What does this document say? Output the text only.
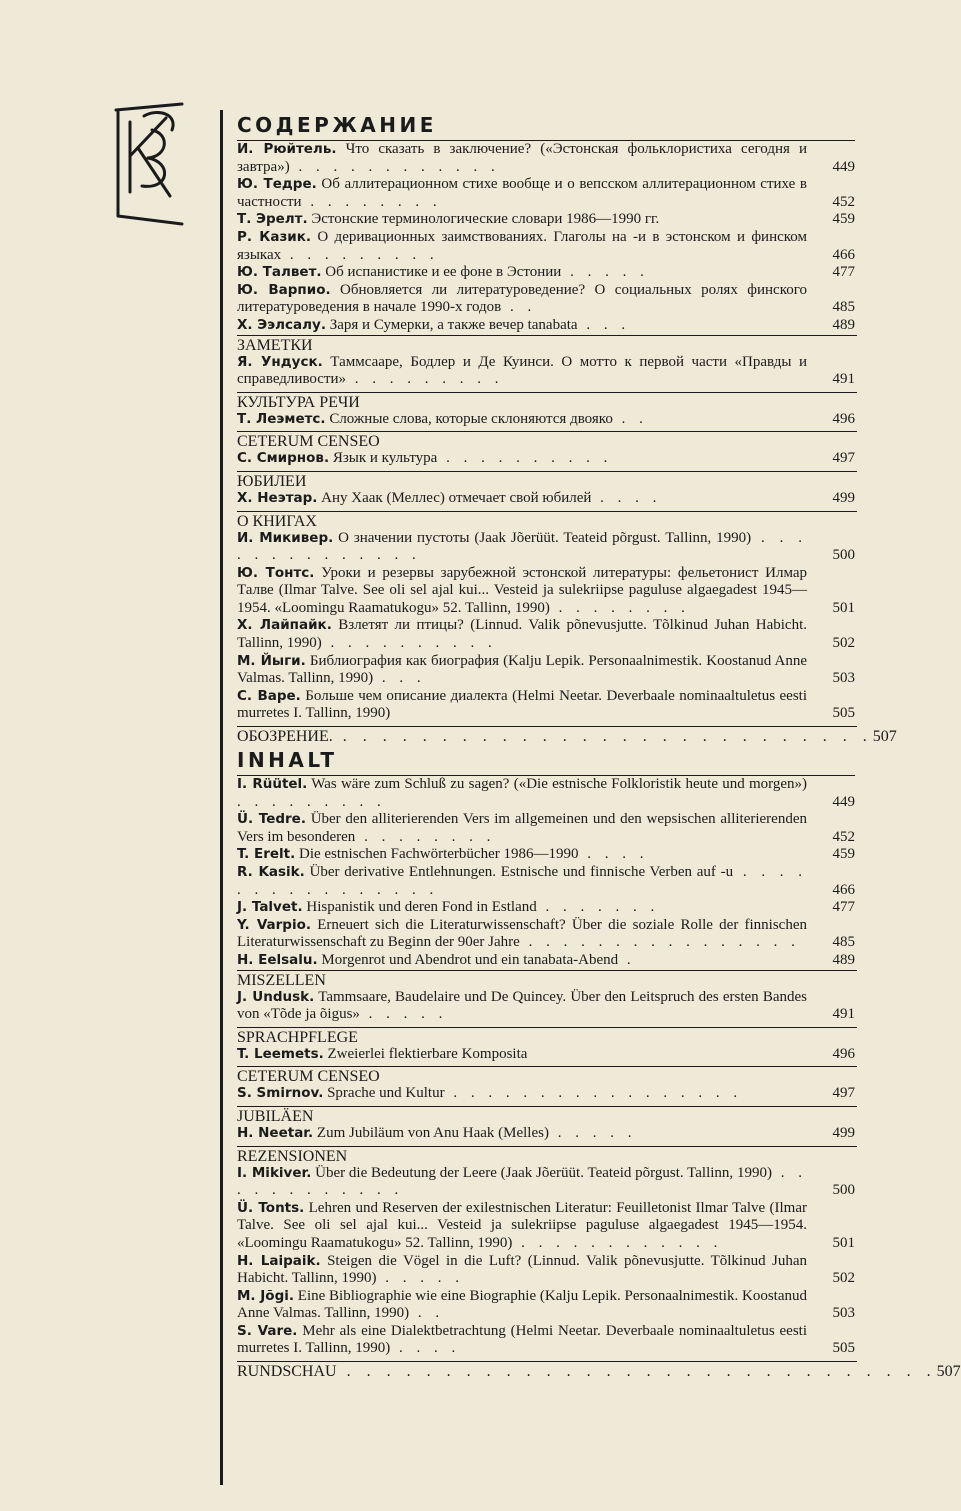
СОДЕРЖАНИЕ
И. Рюйтель. Что сказать в заключение? («Эстонская фольклористиха сегодня и завтра») . . . . . . . . . . . .	449
Ю. Тедре. Об аллитерационном стихе вообще и о вепсском аллитерационном стихе в частности . . . . . . . .	452
Т. Эрелт. Эстонские терминологические словари 1986—1990 гг.	459
Р. Казик. О деривационных заимствованиях. Глаголы на -и в эстонском и финском языках . . . . . . . . .	466
Ю. Талвет. Об испанистике и ее фоне в Эстонии . . . . .	477
Ю. Варпио. Обновляется ли литературоведение? О социальных ролях финского литературоведения в начале 1990-х годов . .	485
Х. Ээлсалу. Заря и Сумерки, а также вечер tanabata . . .	489
ЗАМЕТКИ
Я. Ундуск. Таммсааре, Бодлер и Де Куинси. О мотто к первой части «Правды и справедливости» . . . . . . . . .	491
КУЛЬТУРА РЕЧИ
Т. Леэметс. Сложные слова, которые склоняются двояко . .	496
CETERUM CENSEO
С. Смирнов. Язык и культура . . . . . . . . . .	497
ЮБИЛЕИ
Х. Неэтар. Ану Хаак (Меллес) отмечает свой юбилей . . . .	499
О КНИГАХ
И. Микивер. О значении пустоты (Jaak Jõerüüt. Teateid põrgust. Tallinn, 1990) . . . . . . . . . . . . . .	500
Ю. Тонтс. Уроки и резервы зарубежной эстонской литературы: фельетонист Илмар Талве (Ilmar Talve. See oli sel ajal kui... Vesteid ja sulekriipse paguluse algaegadest 1945—1954. «Loomingu Raamatukogu» 52. Tallinn, 1990) . . . . . . . .	501
Х. Лайпайк. Взлетят ли птицы? (Linnud. Valik põnevusjutte. Tõlkinud Juhan Habicht. Tallinn, 1990) . . . . . . . . . .	502
М. Йыги. Библиография как биография (Kalju Lepik. Personaalnimestik. Koostanud Anne Valmas. Tallinn, 1990) . . .	503
С. Варе. Больше чем описание диалекта (Helmi Neetar. Deverbaale nominaaltuletus eesti murretes I. Tallinn, 1990)	505
ОБОЗРЕНИЕ. . . . . . . . . . . . . . . . . . . . . . . . . . . . 507
INHALT
I. Rüütel. Was wäre zum Schluß zu sagen? («Die estnische Folkloristik heute und morgen») . . . . . . . . .	449
Ü. Tedre. Über den alliterierenden Vers im allgemeinen und den wepsischen alliterierenden Vers im besonderen . . . . . . . .	452
T. Erelt. Die estnischen Fachwörterbücher 1986—1990 . . . .	459
R. Kasik. Über derivative Entlehnungen. Estnische und finnische Verben auf -u . . . . . . . . . . . . . . . .	466
J. Talvet. Hispanistik und deren Fond in Estland . . . . . . .	477
Y. Varpio. Erneuert sich die Literaturwissenschaft? Über die soziale Rolle der finnischen Literaturwissenschaft zu Beginn der 90er Jahre . . . . . . . . . . . . . . . .	485
H. Eelsalu. Morgenrot und Abendrot und ein tanabata-Abend .	489
MISZELLEN
J. Undusk. Tammsaare, Baudelaire und De Quincey. Über den Leitspruch des ersten Bandes von «Tõde ja õigus» . . . . .	491
SPRACHPFLEGE
T. Leemets. Zweierlei flektierbare Komposita	496
CETERUM CENSEO
S. Smirnov. Sprache und Kultur . . . . . . . . . . . . . . . . .	497
JUBILÄEN
H. Neetar. Zum Jubiläum von Anu Haak (Melles) . . . . .	499
REZENSIONEN
I. Mikiver. Über die Bedeutung der Leere (Jaak Jõerüüt. Teateid põrgust. Tallinn, 1990) . . . . . . . . . . . .	500
Ü. Tonts. Lehren und Reserven der exilestnischen Literatur: Feuilletonist Ilmar Talve (Ilmar Talve. See oli sel ajal kui... Vesteid ja sulekriipse paguluse algaegadest 1945—1954. «Loomingu Raamatukogu» 52. Tallinn, 1990) . . . . . . . . . . . .	501
H. Laipaik. Steigen die Vögel in die Luft? (Linnud. Valik põnevusjutte. Tõlkinud Juhan Habicht. Tallinn, 1990) . . . . .	502
M. Jõgi. Eine Bibliographie wie eine Biographie (Kalju Lepik. Personaalnimestik. Koostanud Anne Valmas. Tallinn, 1990) . .	503
S. Vare. Mehr als eine Dialektbetrachtung (Helmi Neetar. Deverbaale nominaaltuletus eesti murretes I. Tallinn, 1990) . . . .	505
RUNDSCHAU . . . . . . . . . . . . . . . . . . . . . . . . . . . . . . 507
